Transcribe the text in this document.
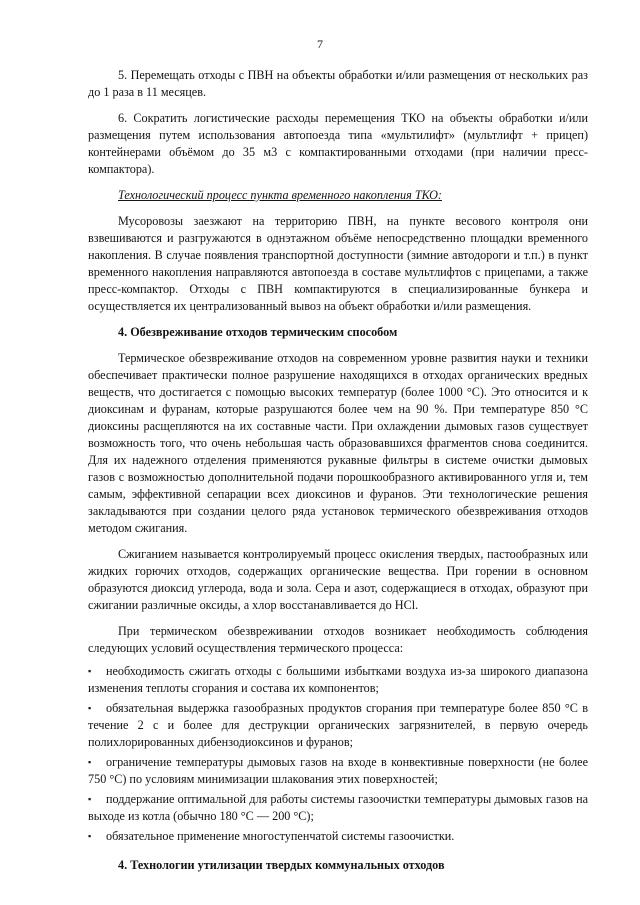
7

5. Перемещать отходы с ПВН на объекты обработки и/или размещения от нескольких раз до 1 раза в 11 месяцев.

6. Сократить логистические расходы перемещения ТКО на объекты обработки и/или размещения путем использования автопоезда типа «мультилифт» (мультлифт + прицеп) контейнерами объёмом до 35 м3 с компактированными отходами (при наличии пресс-компактора).

Технологический процесс пункта временного накопления ТКО:

Мусоровозы заезжают на территорию ПВН, на пункте весового контроля они взвешиваются и разгружаются в однэтажном объёме непосредственно площадки временного накопления. В случае появления транспортной доступности (зимние автодороги и т.п.) в пункт временного накопления направляются автопоезда в составе мультлифтов с прицепами, а также пресс-компактор. Отходы с ПВН компактируются в специализированные бункера и осуществляется их централизованный вывоз на объект обработки и/или размещения.

4. Обезвреживание отходов термическим способом

Термическое обезвреживание отходов на современном уровне развития науки и техники обеспечивает практически полное разрушение находящихся в отходах органических вредных веществ, что достигается с помощью высоких температур (более 1000 °С). Это относится и к диоксинам и фуранам, которые разрушаются более чем на 90 %. При температуре 850 °С диоксины расщепляются на их составные части. При охлаждении дымовых газов существует возможность того, что очень небольшая часть образовавшихся фрагментов снова соединится. Для их надежного отделения применяются рукавные фильтры в системе очистки дымовых газов с возможностью дополнительной подачи порошкообразного активированного угля и, тем самым, эффективной сепарации всех диоксинов и фуранов. Эти технологические решения закладываются при создании целого ряда установок термического обезвреживания отходов методом сжигания.

Сжиганием называется контролируемый процесс окисления твердых, пастообразных или жидких горючих отходов, содержащих органические вещества. При горении в основном образуются диоксид углерода, вода и зола. Сера и азот, содержащиеся в отходах, образуют при сжигании различные оксиды, а хлор восстанавливается до HCl.

При термическом обезвреживании отходов возникает необходимость соблюдения следующих условий осуществления термического процесса:

▪ необходимость сжигать отходы с большими избытками воздуха из-за широкого диапазона изменения теплоты сгорания и состава их компонентов;
▪ обязательная выдержка газообразных продуктов сгорания при температуре более 850 °С в течение 2 с и более для деструкции органических загрязнителей, в первую очередь полихлорированных дибензодиоксинов и фуранов;
▪ ограничение температуры дымовых газов на входе в конвективные поверхности (не более 750 °С) по условиям минимизации шлакования этих поверхностей;
▪ поддержание оптимальной для работы системы газоочистки температуры дымовых газов на выходе из котла (обычно 180 °С — 200 °С);
▪ обязательное применение многоступенчатой системы газоочистки.

4. Технологии утилизации твердых коммунальных отходов
